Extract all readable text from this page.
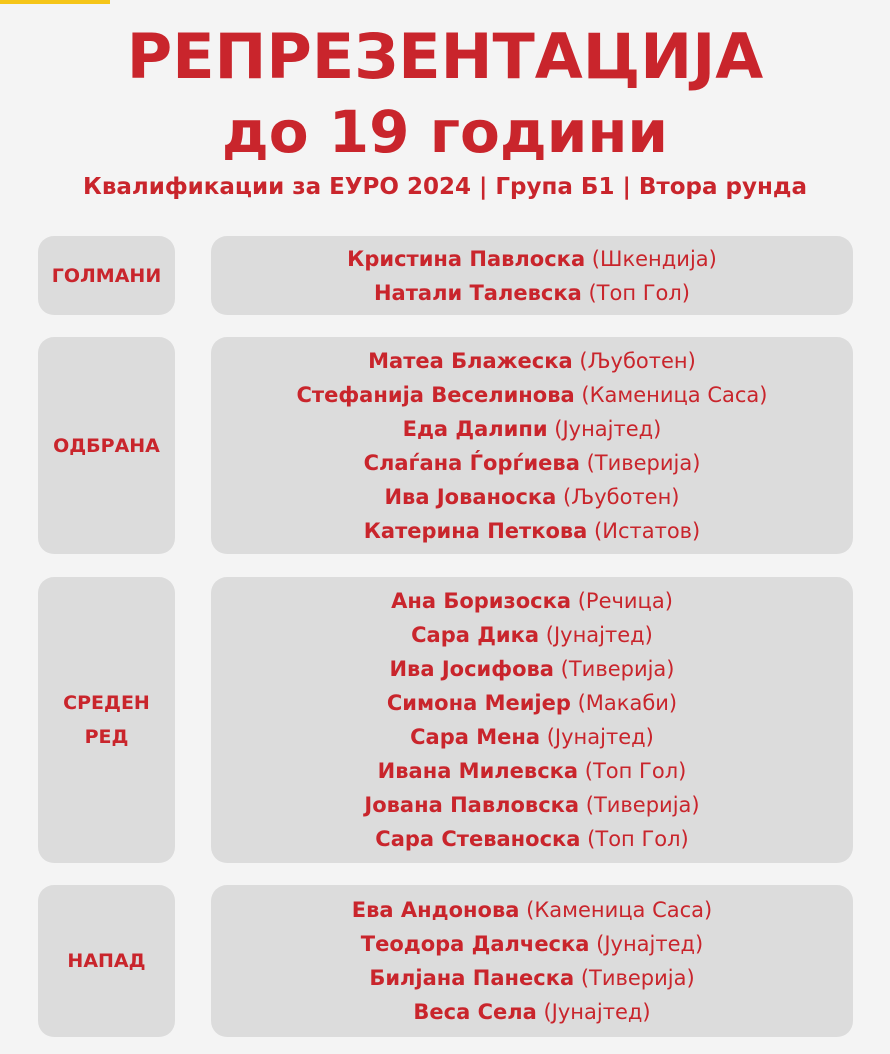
РЕПРЕЗЕНТАЦИЈА
до 19 години
Квалификации за ЕУРО 2024 | Група Б1 | Втора рунда
ГОЛМАНИ
Кристина Павлоска (Шкендија)
Натали Талевска (Топ Гол)
ОДБРАНА
Матеа Блажеска (Љуботен)
Стефанија Веселинова (Каменица Саса)
Еда Далипи (Јунајтед)
Слаѓана Ѓорѓиева (Тиверија)
Ива Јованоска (Љуботен)
Катерина Петкова (Истатов)
СРЕДЕН
РЕД
Ана Боризоска (Речица)
Сара Дика (Јунајтед)
Ива Јосифова (Тиверија)
Симона Меијер (Макаби)
Сара Мена (Јунајтед)
Ивана Милевска (Топ Гол)
Јована Павловска (Тиверија)
Сара Стеваноска (Топ Гол)
НАПАД
Ева Андонова (Каменица Саса)
Теодора Далческа (Јунајтед)
Билјана Панеска (Тиверија)
Веса Села (Јунајтед)
